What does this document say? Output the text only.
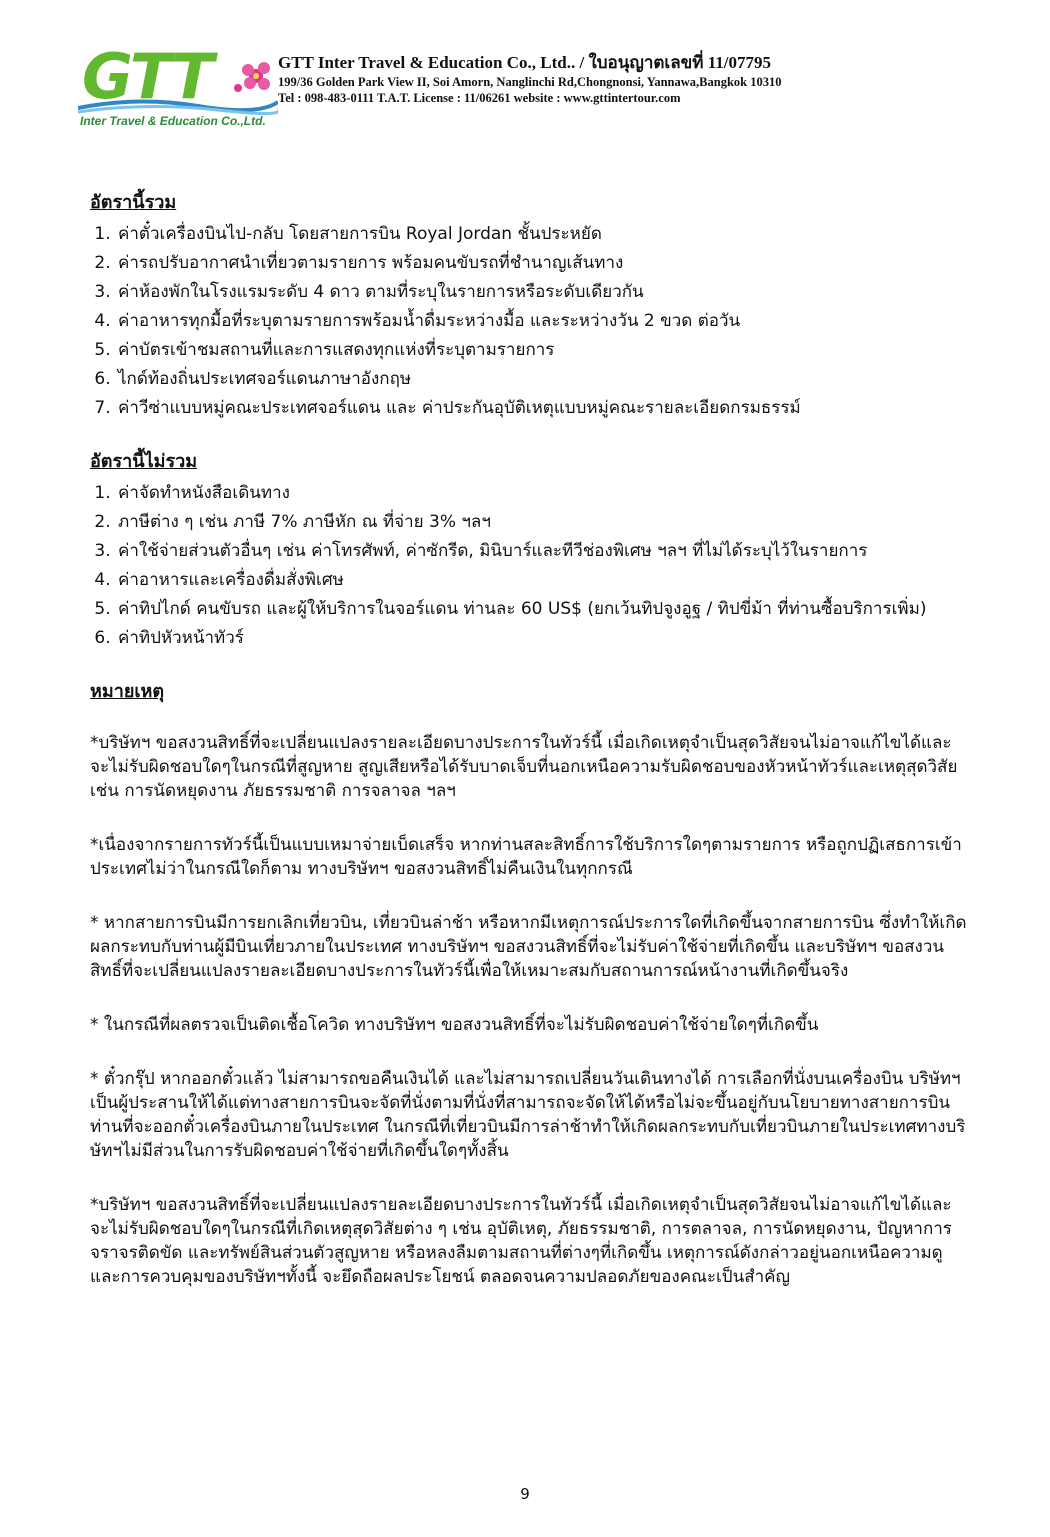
GTT
Inter Travel & Education Co.,Ltd.
GTT Inter Travel & Education Co., Ltd.. / ใบอนุญาตเลขที่ 11/07795
199/36 Golden Park View II, Soi Amorn, Nanglinchi Rd,Chongnonsi, Yannawa,Bangkok 10310
Tel : 098-483-0111 T.A.T. License : 11/06261 website : www.gttintertour.com
อัตรานี้รวม
1. ค่าตั๋วเครื่องบินไป-กลับ โดยสายการบิน Royal Jordan ชั้นประหยัด
2. ค่ารถปรับอากาศนำเที่ยวตามรายการ พร้อมคนขับรถที่ชำนาญเส้นทาง
3. ค่าห้องพักในโรงแรมระดับ 4 ดาว ตามที่ระบุในรายการหรือระดับเดียวกัน
4. ค่าอาหารทุกมื้อที่ระบุตามรายการพร้อมน้ำดื่มระหว่างมื้อ และระหว่างวัน 2 ขวด ต่อวัน
5. ค่าบัตรเข้าชมสถานที่และการแสดงทุกแห่งที่ระบุตามรายการ
6. ไกด์ท้องถิ่นประเทศจอร์แดนภาษาอังกฤษ
7. ค่าวีซ่าแบบหมู่คณะประเทศจอร์แดน และ ค่าประกันอุบัติเหตุแบบหมู่คณะรายละเอียดกรมธรรม์
อัตรานี้ไม่รวม
1. ค่าจัดทำหนังสือเดินทาง
2. ภาษีต่าง ๆ เช่น ภาษี 7% ภาษีหัก ณ ที่จ่าย 3% ฯลฯ
3. ค่าใช้จ่ายส่วนตัวอื่นๆ เช่น ค่าโทรศัพท์, ค่าซักรีด, มินิบาร์และทีวีช่องพิเศษ ฯลฯ ที่ไม่ได้ระบุไว้ในรายการ
4. ค่าอาหารและเครื่องดื่มสั่งพิเศษ
5. ค่าทิปไกด์ คนขับรถ และผู้ให้บริการในจอร์แดน ท่านละ 60 US$ (ยกเว้นทิปจูงอูฐ / ทิปขี่ม้า ที่ท่านซื้อบริการเพิ่ม)
6. ค่าทิปหัวหน้าทัวร์
หมายเหตุ

*บริษัทฯ ขอสงวนสิทธิ์ที่จะเปลี่ยนแปลงรายละเอียดบางประการในทัวร์นี้ เมื่อเกิดเหตุจำเป็นสุดวิสัยจนไม่อาจแก้ไขได้และจะไม่รับผิดชอบใดๆในกรณีที่สูญหาย สูญเสียหรือได้รับบาดเจ็บที่นอกเหนือความรับผิดชอบของหัวหน้าทัวร์และเหตุสุดวิสัย เช่น การนัดหยุดงาน ภัยธรรมชาติ การจลาจล ฯลฯ

*เนื่องจากรายการทัวร์นี้เป็นแบบเหมาจ่ายเบ็ดเสร็จ หากท่านสละสิทธิ์การใช้บริการใดๆตามรายการ หรือถูกปฏิเสธการเข้าประเทศไม่ว่าในกรณีใดก็ตาม ทางบริษัทฯ ขอสงวนสิทธิ์ไม่คืนเงินในทุกกรณี

* หากสายการบินมีการยกเลิกเที่ยวบิน, เที่ยวบินล่าช้า หรือหากมีเหตุการณ์ประการใดที่เกิดขึ้นจากสายการบิน ซึ่งทำให้เกิดผลกระทบกับท่านผู้มีบินเที่ยวภายในประเทศ ทางบริษัทฯ ขอสงวนสิทธิ์ที่จะไม่รับค่าใช้จ่ายที่เกิดขึ้น และบริษัทฯ ขอสงวนสิทธิ์ที่จะเปลี่ยนแปลงรายละเอียดบางประการในทัวร์นี้เพื่อให้เหมาะสมกับสถานการณ์หน้างานที่เกิดขึ้นจริง

* ในกรณีที่ผลตรวจเป็นติดเชื้อโควิด ทางบริษัทฯ ขอสงวนสิทธิ์ที่จะไม่รับผิดชอบค่าใช้จ่ายใดๆที่เกิดขึ้น

* ตั๋วกรุ๊ป หากออกตั๋วแล้ว ไม่สามารถขอคืนเงินได้ และไม่สามารถเปลี่ยนวันเดินทางได้ การเลือกที่นั่งบนเครื่องบิน บริษัทฯ เป็นผู้ประสานให้ได้แต่ทางสายการบินจะจัดที่นั่งตามที่นั่งที่สามารถจะจัดให้ได้หรือไม่จะขึ้นอยู่กับนโยบายทางสายการบิน ท่านที่จะออกตั๋วเครื่องบินภายในประเทศ ในกรณีที่เที่ยวบินมีการล่าช้าทำให้เกิดผลกระทบกับเที่ยวบินภายในประเทศทางบริษัทฯไม่มีส่วนในการรับผิดชอบค่าใช้จ่ายที่เกิดขึ้นใดๆทั้งสิ้น

*บริษัทฯ ขอสงวนสิทธิ์ที่จะเปลี่ยนแปลงรายละเอียดบางประการในทัวร์นี้ เมื่อเกิดเหตุจำเป็นสุดวิสัยจนไม่อาจแก้ไขได้และจะไม่รับผิดชอบใดๆในกรณีที่เกิดเหตุสุดวิสัยต่าง ๆ เช่น อุบัติเหตุ, ภัยธรรมชาติ, การตลาจล, การนัดหยุดงาน, ปัญหาการจราจรติดขัด และทรัพย์สินส่วนตัวสูญหาย หรือหลงลืมตามสถานที่ต่างๆที่เกิดขึ้น เหตุการณ์ดังกล่าวอยู่นอกเหนือความดูและการควบคุมของบริษัทฯทั้งนี้ จะยึดถือผลประโยชน์ ตลอดจนความปลอดภัยของคณะเป็นสำคัญ

9
